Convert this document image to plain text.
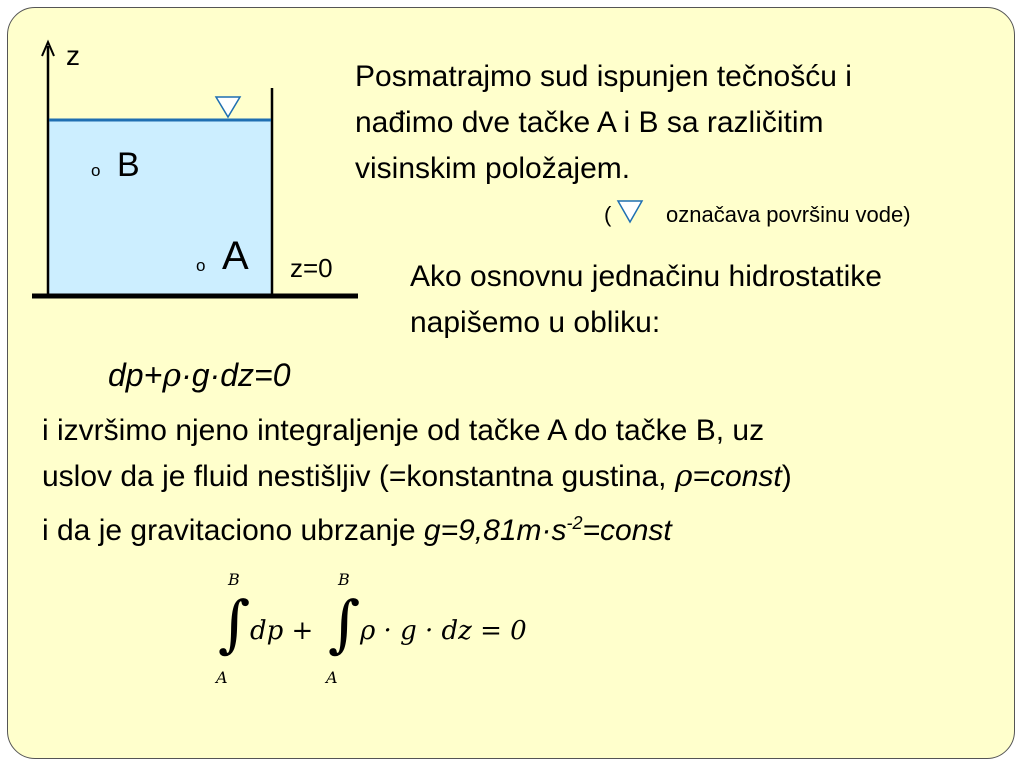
z
o B
o A z=0
Posmatrajmo sud ispunjen tečnošću i
nađimo dve tačke A i B sa različitim
visinskim položajem.
( označava površinu vode)
Ako osnovnu jednačinu hidrostatike
napišemo u obliku:
dp+ρ·g·dz=0
i izvršimo njeno integraljenje od tačke A do tačke B, uz
uslov da je fluid nestišljiv (=konstantna gustina, ρ=const)
i da je gravitaciono ubrzanje $g=9,81m\cdot s^{-2}=const$
B
∫
A
dp +
B
∫
A
ρ · g · dz = 0
